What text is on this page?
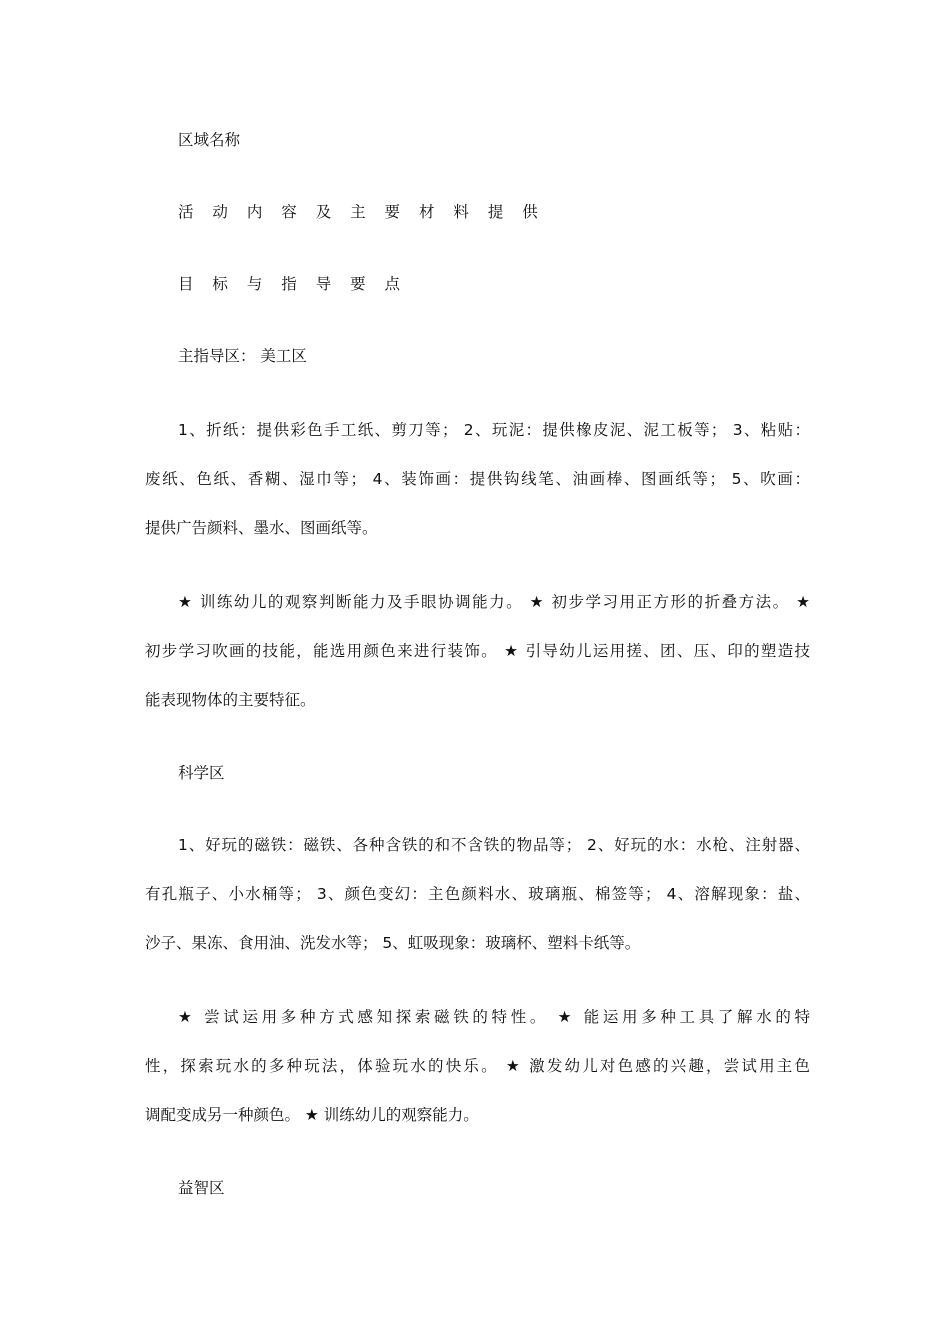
区域名称
活 动 内 容 及 主 要 材 料 提 供
目 标 与 指 导 要 点
主指导区： 美工区
1、折纸：提供彩色手工纸、剪刀等； 2、玩泥：提供橡皮泥、泥工板等； 3、粘贴：
废纸、色纸、香糊、湿巾等； 4、装饰画：提供钩线笔、油画棒、图画纸等； 5、吹画：
提供广告颜料、墨水、图画纸等。
★ 训练幼儿的观察判断能力及手眼协调能力。 ★ 初步学习用正方形的折叠方法。 ★
初步学习吹画的技能，能选用颜色来进行装饰。 ★ 引导幼儿运用搓、团、压、印的塑造技
能表现物体的主要特征。
科学区
1、好玩的磁铁：磁铁、各种含铁的和不含铁的物品等； 2、好玩的水：水枪、注射器、
有孔瓶子、小水桶等； 3、颜色变幻：主色颜料水、玻璃瓶、棉签等； 4、溶解现象：盐、
沙子、果冻、食用油、洗发水等； 5、虹吸现象：玻璃杯、塑料卡纸等。
★ 尝试运用多种方式感知探索磁铁的特性。 ★ 能运用多种工具了解水的特
性，探索玩水的多种玩法，体验玩水的快乐。 ★ 激发幼儿对色感的兴趣，尝试用主色
调配变成另一种颜色。 ★ 训练幼儿的观察能力。
益智区
